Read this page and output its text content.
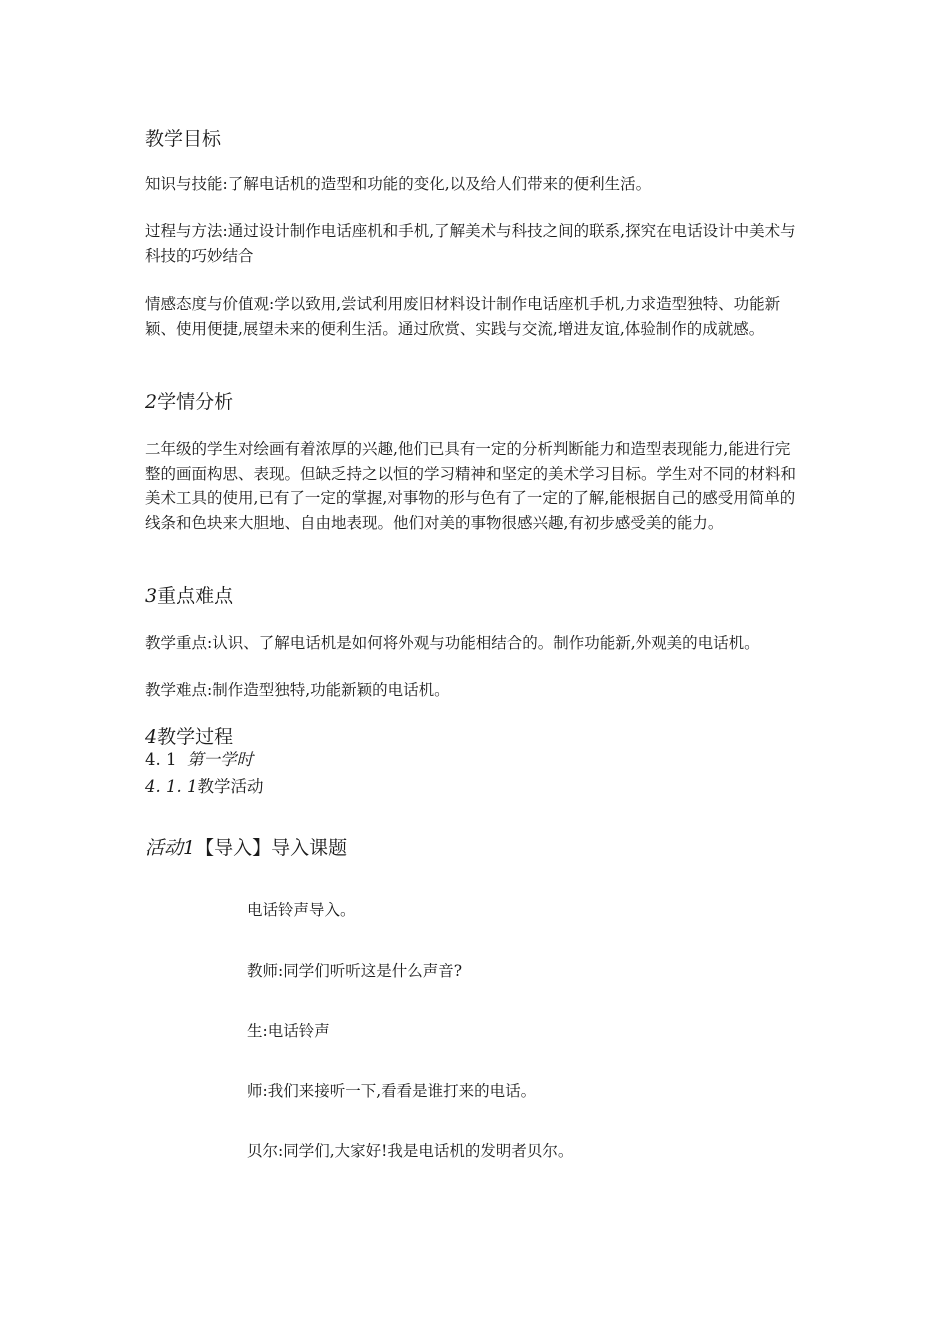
教学目标
知识与技能:了解电话机的造型和功能的变化,以及给人们带来的便利生活。
过程与方法:通过设计制作电话座机和手机,了解美术与科技之间的联系,探究在电话设计中美术与科技的巧妙结合
情感态度与价值观:学以致用,尝试利用废旧材料设计制作电话座机手机,力求造型独特、功能新颖、使用便捷,展望未来的便利生活。通过欣赏、实践与交流,增进友谊,体验制作的成就感。
2学情分析
二年级的学生对绘画有着浓厚的兴趣,他们已具有一定的分析判断能力和造型表现能力,能进行完整的画面构思、表现。但缺乏持之以恒的学习精神和坚定的美术学习目标。学生对不同的材料和美术工具的使用,已有了一定的掌握,对事物的形与色有了一定的了解,能根据自己的感受用简单的线条和色块来大胆地、自由地表现。他们对美的事物很感兴趣,有初步感受美的能力。
3重点难点
教学重点:认识、了解电话机是如何将外观与功能相结合的。制作功能新,外观美的电话机。
教学难点:制作造型独特,功能新颖的电话机。
4教学过程
4. 1 第一学时
4. 1. 1教学活动
活动1【导入】导入课题
电话铃声导入。
教师:同学们听听这是什么声音?
生:电话铃声
师:我们来接听一下,看看是谁打来的电话。
贝尔:同学们,大家好!我是电话机的发明者贝尔。
